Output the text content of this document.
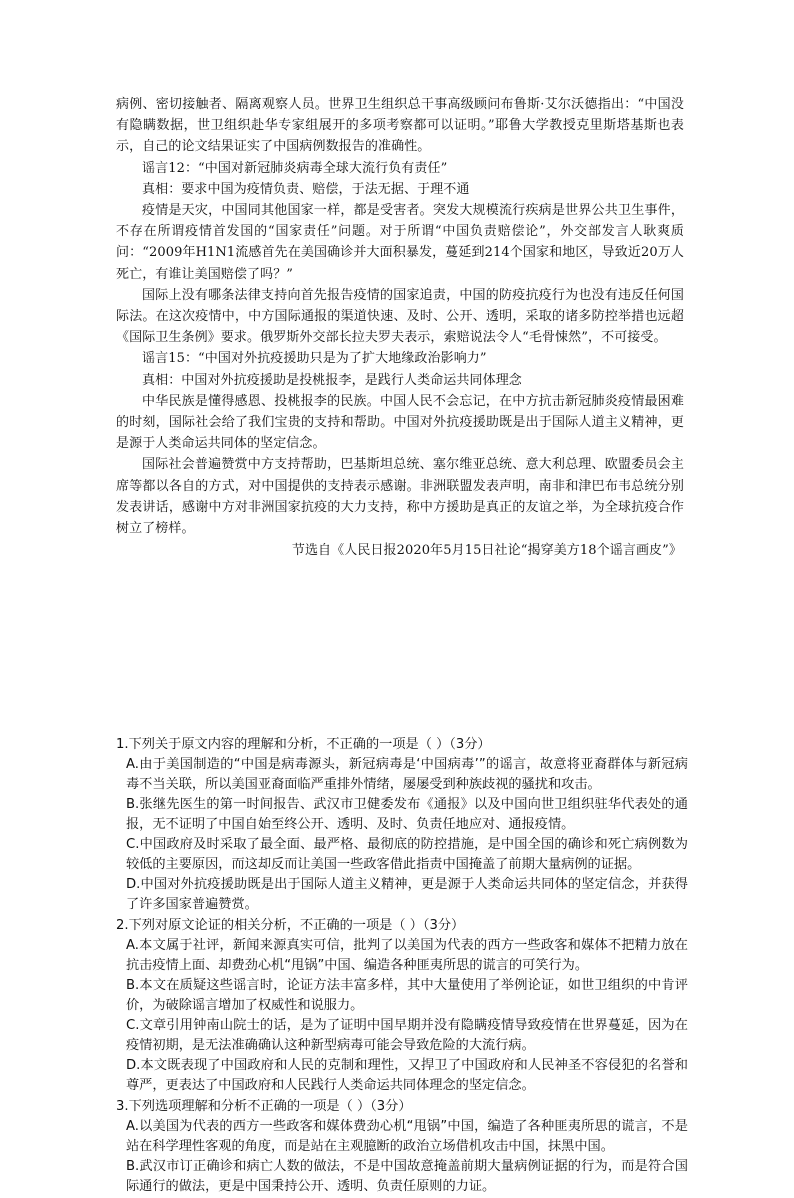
病例、密切接触者、隔离观察人员。世界卫生组织总干事高级顾问布鲁斯·艾尔沃德指出：“中国没有隐瞒数据，世卫组织赴华专家组展开的多项考察都可以证明。”耶鲁大学教授克里斯塔基斯也表示，自己的论文结果证实了中国病例数报告的准确性。

谣言12：“中国对新冠肺炎病毒全球大流行负有责任”

真相：要求中国为疫情负责、赔偿，于法无据、于理不通

疫情是天灾，中国同其他国家一样，都是受害者。突发大规模流行疾病是世界公共卫生事件，不存在所谓疫情首发国的“国家责任”问题。对于所谓“中国负责赔偿论”，外交部发言人耿爽质问：“2009年H1N1流感首先在美国确诊并大面积暴发，蔓延到214个国家和地区，导致近20万人死亡，有谁让美国赔偿了吗？”

国际上没有哪条法律支持向首先报告疫情的国家追责，中国的防疫抗疫行为也没有违反任何国际法。在这次疫情中，中方国际通报的渠道快速、及时、公开、透明，采取的诸多防控举措也远超《国际卫生条例》要求。俄罗斯外交部长拉夫罗夫表示，索赔说法令人“毛骨悚然”，不可接受。

谣言15：“中国对外抗疫援助只是为了扩大地缘政治影响力”

真相：中国对外抗疫援助是投桃报李，是践行人类命运共同体理念

中华民族是懂得感恩、投桃报李的民族。中国人民不会忘记，在中方抗击新冠肺炎疫情最困难的时刻，国际社会给了我们宝贵的支持和帮助。中国对外抗疫援助既是出于国际人道主义精神，更是源于人类命运共同体的坚定信念。

国际社会普遍赞赏中方支持帮助，巴基斯坦总统、塞尔维亚总统、意大利总理、欧盟委员会主席等都以各自的方式，对中国提供的支持表示感谢。非洲联盟发表声明，南非和津巴布韦总统分别发表讲话，感谢中方对非洲国家抗疫的大力支持，称中方援助是真正的友谊之举，为全球抗疫合作树立了榜样。

节选自《人民日报2020年5月15日社论“揭穿美方18个谣言画皮”》

1.下列关于原文内容的理解和分析，不正确的一项是（ ）（3分）

A.由于美国制造的“中国是病毒源头，新冠病毒是‘中国病毒’”的谣言，故意将亚裔群体与新冠病毒不当关联，所以美国亚裔面临严重排外情绪，屡屡受到种族歧视的骚扰和攻击。

B.张继先医生的第一时间报告、武汉市卫健委发布《通报》以及中国向世卫组织驻华代表处的通报，无不证明了中国自始至终公开、透明、及时、负责任地应对、通报疫情。

C.中国政府及时采取了最全面、最严格、最彻底的防控措施，是中国全国的确诊和死亡病例数为较低的主要原因，而这却反而让美国一些政客借此指责中国掩盖了前期大量病例的证据。

D.中国对外抗疫援助既是出于国际人道主义精神，更是源于人类命运共同体的坚定信念，并获得了许多国家普遍赞赏。

2.下列对原文论证的相关分析，不正确的一项是（ ）（3分）

A.本文属于社评，新闻来源真实可信，批判了以美国为代表的西方一些政客和媒体不把精力放在抗击疫情上面、却费劲心机“甩锅”中国、编造各种匪夷所思的谎言的可笑行为。

B.本文在质疑这些谣言时，论证方法丰富多样，其中大量使用了举例论证，如世卫组织的中肯评价，为破除谣言增加了权威性和说服力。

C.文章引用钟南山院士的话，是为了证明中国早期并没有隐瞒疫情导致疫情在世界蔓延，因为在疫情初期，是无法准确确认这种新型病毒可能会导致危险的大流行病。

D.本文既表现了中国政府和人民的克制和理性，又捍卫了中国政府和人民神圣不容侵犯的名誉和尊严，更表达了中国政府和人民践行人类命运共同体理念的坚定信念。

3.下列选项理解和分析不正确的一项是（ ）（3分）

A.以美国为代表的西方一些政客和媒体费劲心机“甩锅”中国，编造了各种匪夷所思的谎言，不是站在科学理性客观的角度，而是站在主观臆断的政治立场借机攻击中国，抹黑中国。

B.武汉市订正确诊和病亡人数的做法，不是中国故意掩盖前期大量病例证据的行为，而是符合国际通行的做法，更是中国秉持公开、透明、负责任原则的力证。
